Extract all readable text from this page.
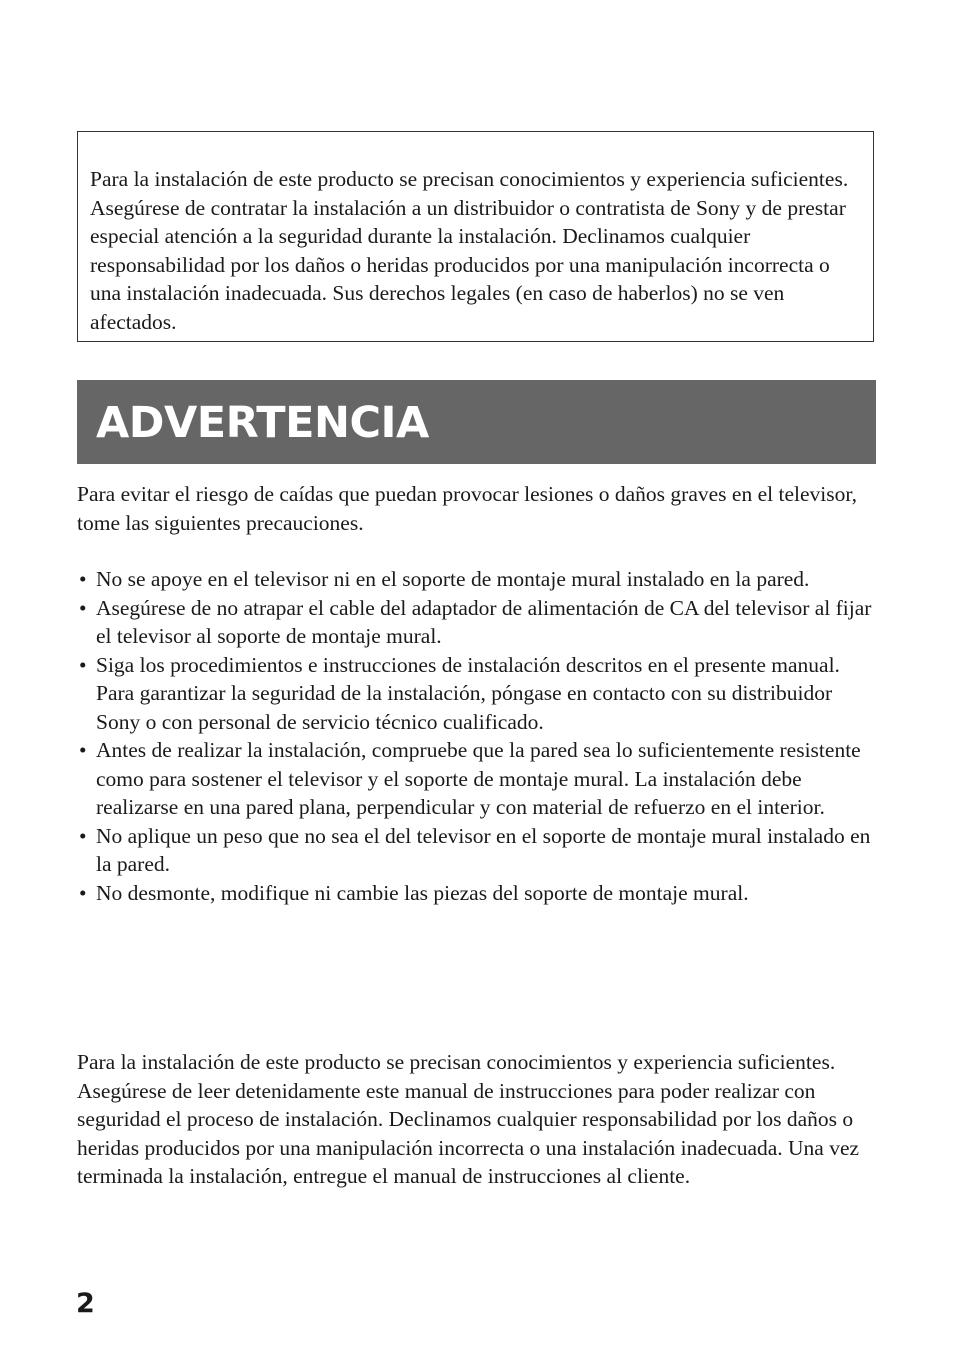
Para la instalación de este producto se precisan conocimientos y experiencia suficientes. Asegúrese de contratar la instalación a un distribuidor o contratista de Sony y de prestar especial atención a la seguridad durante la instalación. Declinamos cualquier responsabilidad por los daños o heridas producidos por una manipulación incorrecta o una instalación inadecuada. Sus derechos legales (en caso de haberlos) no se ven afectados.

ADVERTENCIA

Para evitar el riesgo de caídas que puedan provocar lesiones o daños graves en el televisor, tome las siguientes precauciones.

• No se apoye en el televisor ni en el soporte de montaje mural instalado en la pared.
• Asegúrese de no atrapar el cable del adaptador de alimentación de CA del televisor al fijar el televisor al soporte de montaje mural.
• Siga los procedimientos e instrucciones de instalación descritos en el presente manual.
Para garantizar la seguridad de la instalación, póngase en contacto con su distribuidor Sony o con personal de servicio técnico cualificado.
• Antes de realizar la instalación, compruebe que la pared sea lo suficientemente resistente como para sostener el televisor y el soporte de montaje mural. La instalación debe realizarse en una pared plana, perpendicular y con material de refuerzo en el interior.
• No aplique un peso que no sea el del televisor en el soporte de montaje mural instalado en la pared.
• No desmonte, modifique ni cambie las piezas del soporte de montaje mural.

Para la instalación de este producto se precisan conocimientos y experiencia suficientes. Asegúrese de leer detenidamente este manual de instrucciones para poder realizar con seguridad el proceso de instalación. Declinamos cualquier responsabilidad por los daños o heridas producidos por una manipulación incorrecta o una instalación inadecuada. Una vez terminada la instalación, entregue el manual de instrucciones al cliente.

2
